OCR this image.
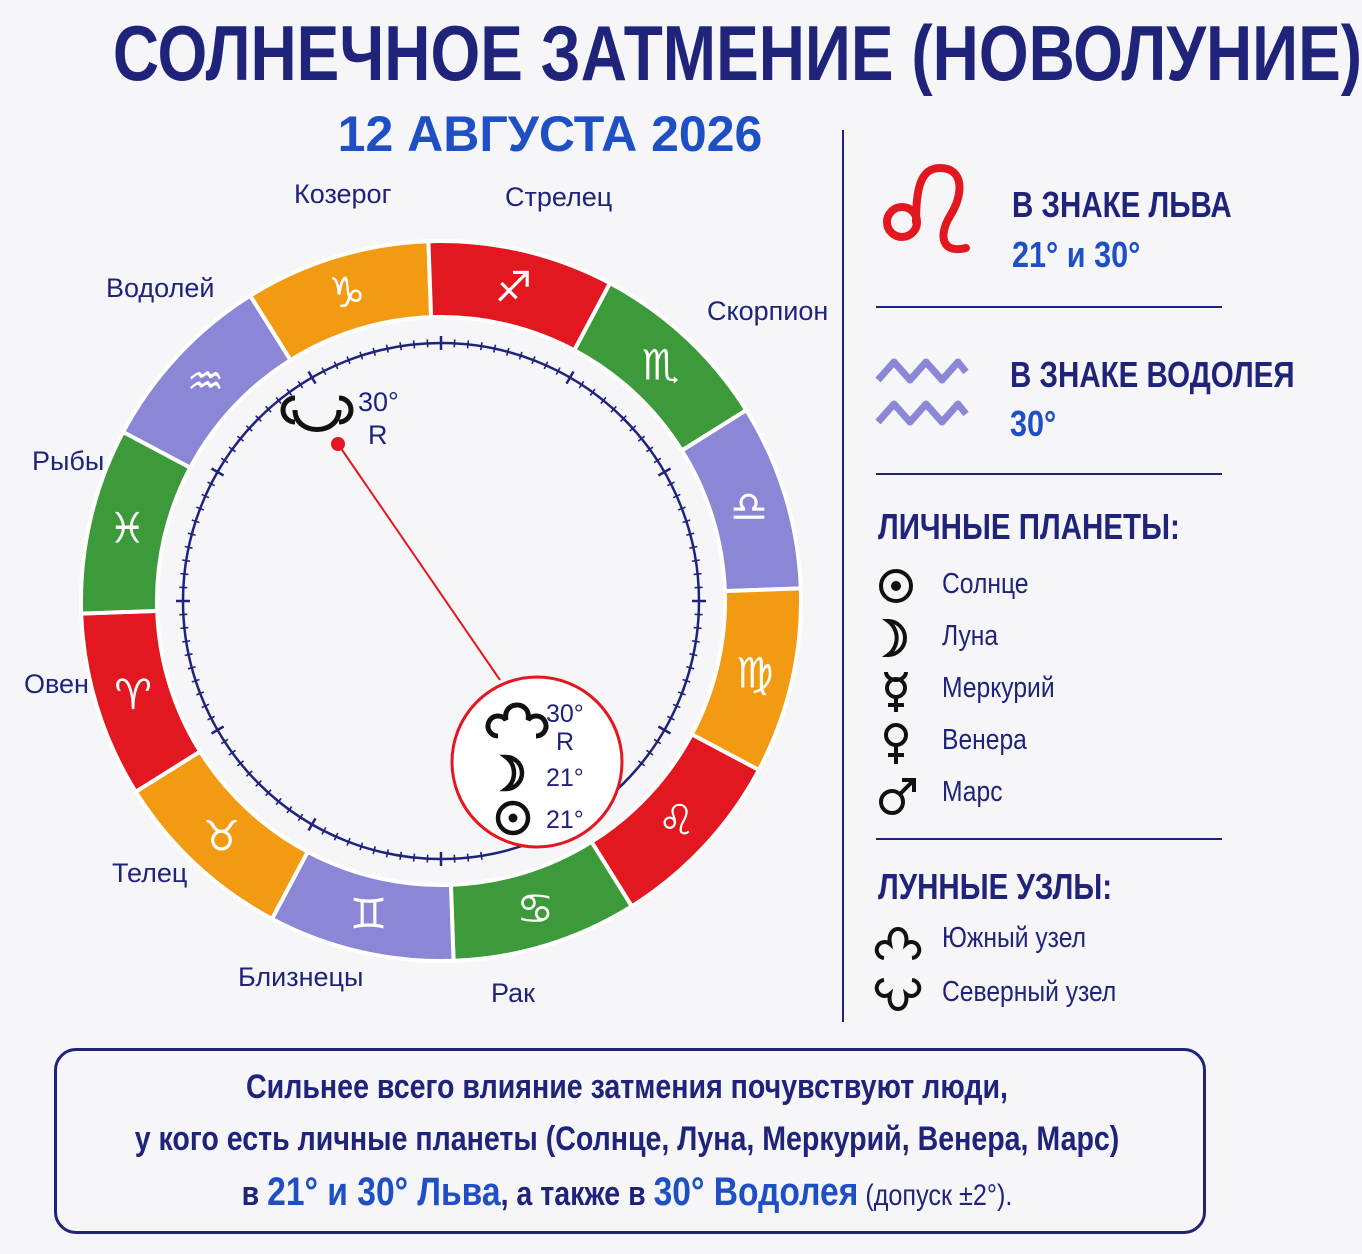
СОЛНЕЧНОЕ ЗАТМЕНИЕ (НОВОЛУНИЕ)
12 АВГУСТА 2026
♑︎	♐︎
♏︎
♎︎
♍︎
♌︎
♋︎
♊︎
♉︎
♈︎
♓︎
♒︎	30°
R
30°
R
21°
21°
Козерог	Стрелец
Скорпион
Водолей
Рыбы
Овен
Телец
Близнецы
Рак
В ЗНАКЕ ЛЬВА
21° и 30°
В ЗНАКЕ ВОДОЛЕЯ
30°
ЛИЧНЫЕ ПЛАНЕТЫ:
Солнце
Луна
Меркурий
Венера
Марс
ЛУННЫЕ УЗЛЫ:
Южный узел
Северный узел
Сильнее всего влияние затмения почувствуют люди,
у кого есть личные планеты (Солнце, Луна, Меркурий, Венера, Марс)
в 21° и 30° Льва, а также в 30° Водолея (допуск ±2°).
